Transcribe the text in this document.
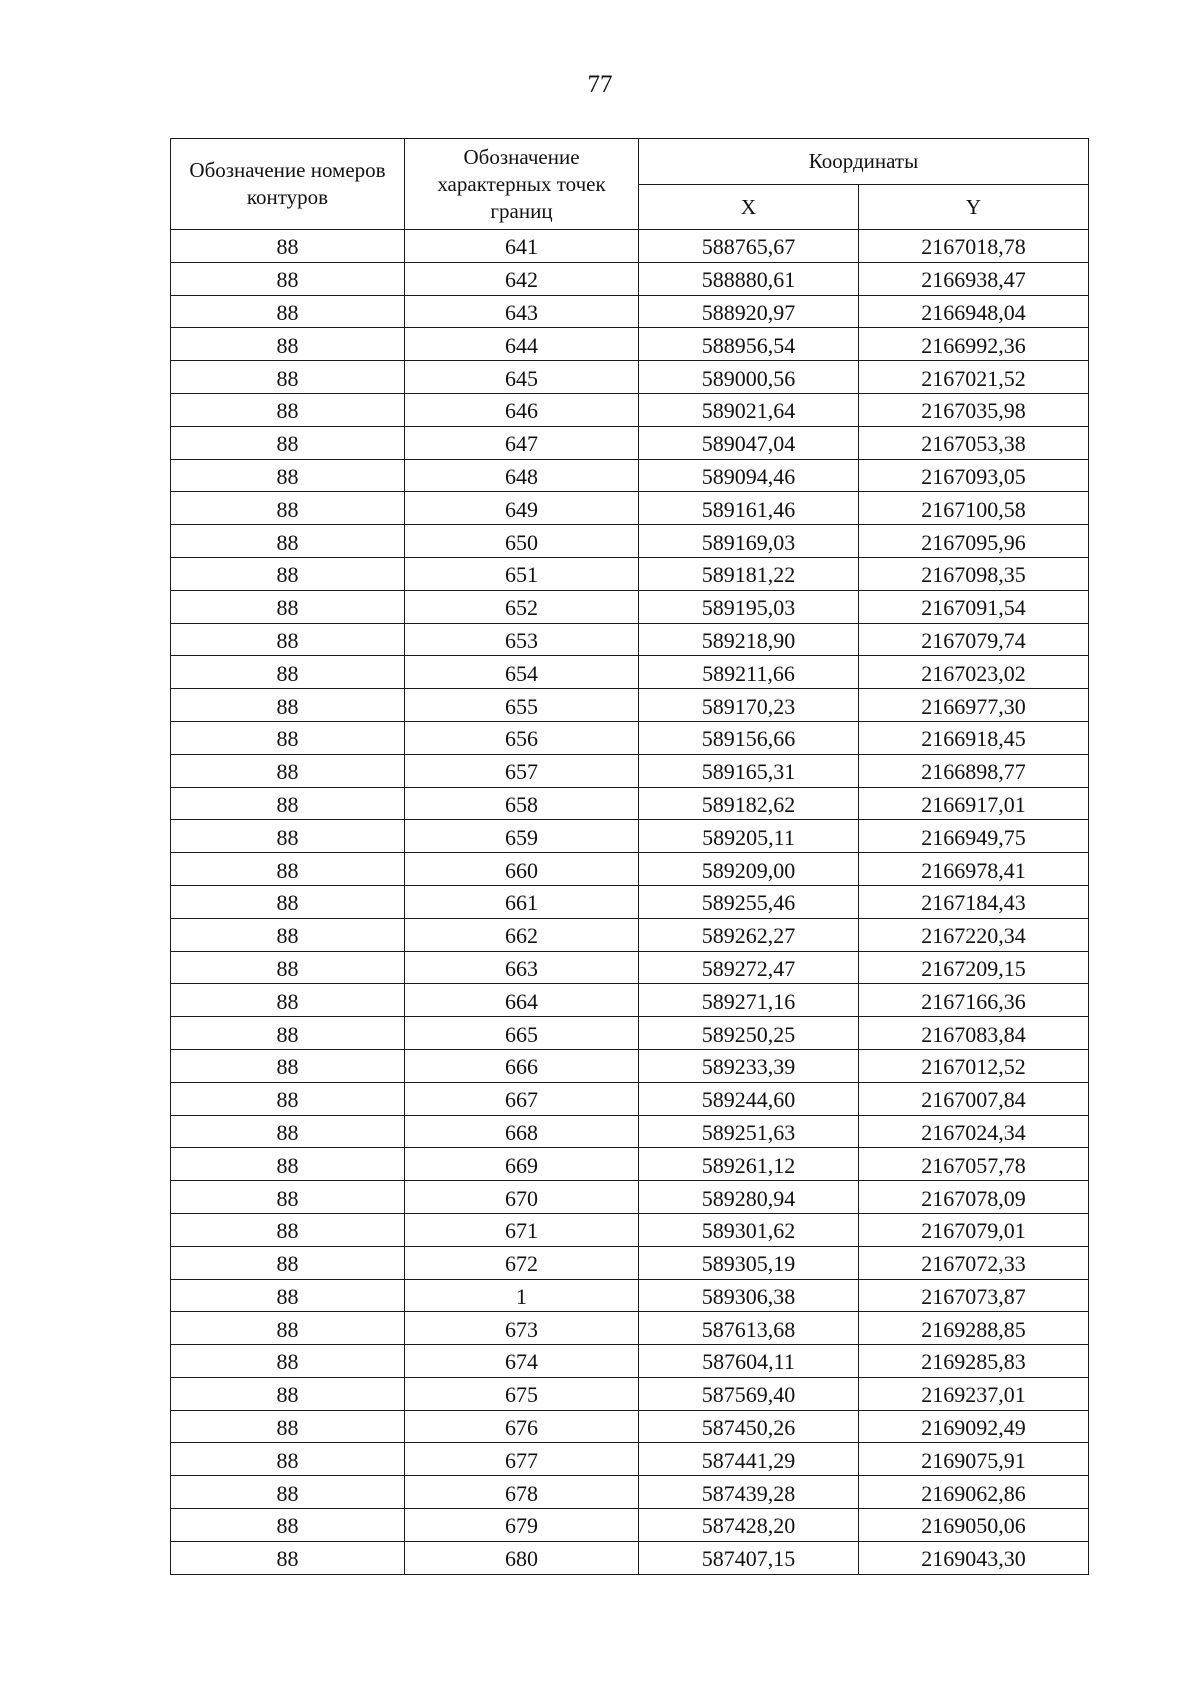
77
Обозначение номеров контуров	Обозначение характерных точек границ	Координаты	
		X	Y
88	641	588765,67	2167018,78
88	642	588880,61	2166938,47
88	643	588920,97	2166948,04
88	644	588956,54	2166992,36
88	645	589000,56	2167021,52
88	646	589021,64	2167035,98
88	647	589047,04	2167053,38
88	648	589094,46	2167093,05
88	649	589161,46	2167100,58
88	650	589169,03	2167095,96
88	651	589181,22	2167098,35
88	652	589195,03	2167091,54
88	653	589218,90	2167079,74
88	654	589211,66	2167023,02
88	655	589170,23	2166977,30
88	656	589156,66	2166918,45
88	657	589165,31	2166898,77
88	658	589182,62	2166917,01
88	659	589205,11	2166949,75
88	660	589209,00	2166978,41
88	661	589255,46	2167184,43
88	662	589262,27	2167220,34
88	663	589272,47	2167209,15
88	664	589271,16	2167166,36
88	665	589250,25	2167083,84
88	666	589233,39	2167012,52
88	667	589244,60	2167007,84
88	668	589251,63	2167024,34
88	669	589261,12	2167057,78
88	670	589280,94	2167078,09
88	671	589301,62	2167079,01
88	672	589305,19	2167072,33
88	1	589306,38	2167073,87
88	673	587613,68	2169288,85
88	674	587604,11	2169285,83
88	675	587569,40	2169237,01
88	676	587450,26	2169092,49
88	677	587441,29	2169075,91
88	678	587439,28	2169062,86
88	679	587428,20	2169050,06
88	680	587407,15	2169043,30
